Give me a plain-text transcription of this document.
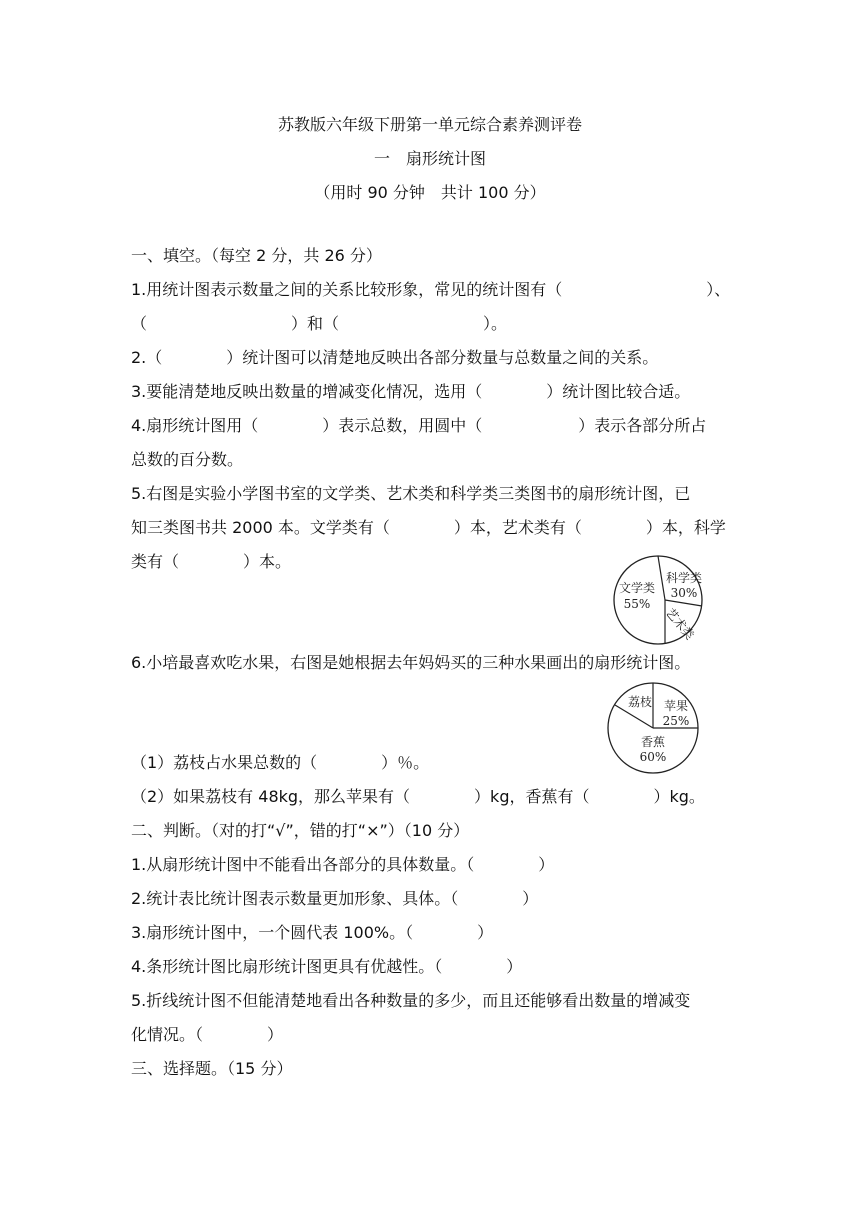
苏教版六年级下册第一单元综合素养测评卷
一　扇形统计图
（用时 90 分钟　共计 100 分）
一、填空。（每空 2 分，共 26 分）
1.用统计图表示数量之间的关系比较形象，常见的统计图有（　　　　　　　　　）、
（　　　　　　　　　）和（　　　　　　　　　）。
2.（　　　　）统计图可以清楚地反映出各部分数量与总数量之间的关系。
3.要能清楚地反映出数量的增减变化情况，选用（　　　　）统计图比较合适。
4.扇形统计图用（　　　　）表示总数，用圆中（　　　　　　）表示各部分所占
总数的百分数。
5.右图是实验小学图书室的文学类、艺术类和科学类三类图书的扇形统计图，已
知三类图书共 2000 本。文学类有（　　　　）本，艺术类有（　　　　）本，科学
类有（　　　　）本。
文学类
55%
科学类
30%
艺术类
6.小培最喜欢吃水果，右图是她根据去年妈妈买的三种水果画出的扇形统计图。
荔枝 苹果
25%
香蕉
60%
（1）荔枝占水果总数的（　　　　）％。
（2）如果荔枝有 48kg，那么苹果有（　　　　）kg，香蕉有（　　　　）kg。
二、判断。（对的打“√”，错的打“×”）（10 分）
1.从扇形统计图中不能看出各部分的具体数量。（　　　　）
2.统计表比统计图表示数量更加形象、具体。（　　　　）
3.扇形统计图中，一个圆代表 100%。（　　　　）
4.条形统计图比扇形统计图更具有优越性。（　　　　）
5.折线统计图不但能清楚地看出各种数量的多少，而且还能够看出数量的增减变
化情况。（　　　　）
三、选择题。（15 分）
